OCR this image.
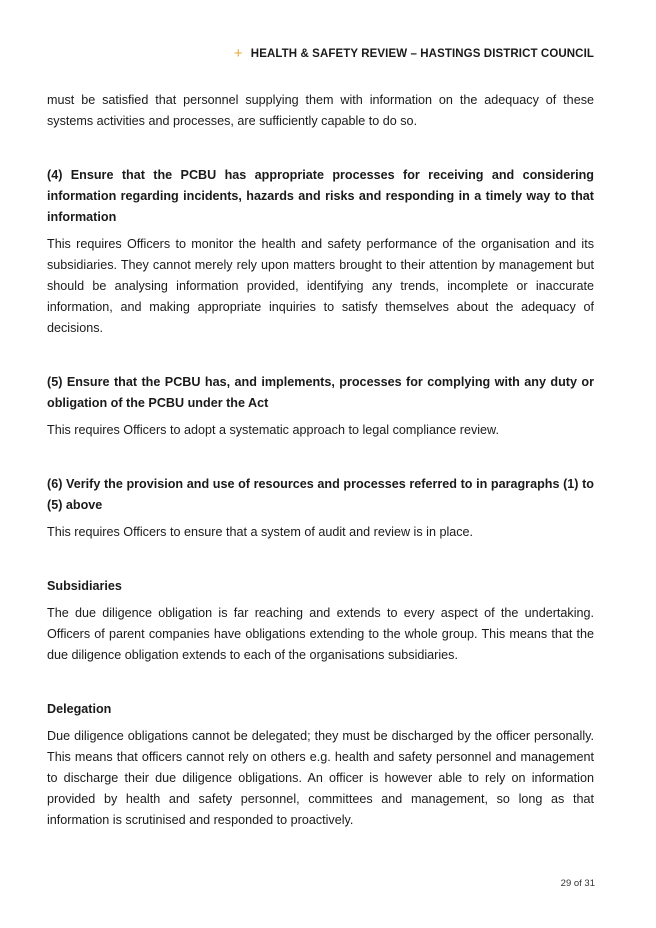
+ HEALTH & SAFETY REVIEW – HASTINGS DISTRICT COUNCIL

must be satisfied that personnel supplying them with information on the adequacy of these systems activities and processes, are sufficiently capable to do so.

(4) Ensure that the PCBU has appropriate processes for receiving and considering information regarding incidents, hazards and risks and responding in a timely way to that information

This requires Officers to monitor the health and safety performance of the organisation and its subsidiaries. They cannot merely rely upon matters brought to their attention by management but should be analysing information provided, identifying any trends, incomplete or inaccurate information, and making appropriate inquiries to satisfy themselves about the adequacy of decisions.

(5) Ensure that the PCBU has, and implements, processes for complying with any duty or obligation of the PCBU under the Act

This requires Officers to adopt a systematic approach to legal compliance review.

(6) Verify the provision and use of resources and processes referred to in paragraphs (1) to (5) above

This requires Officers to ensure that a system of audit and review is in place.

Subsidiaries

The due diligence obligation is far reaching and extends to every aspect of the undertaking. Officers of parent companies have obligations extending to the whole group. This means that the due diligence obligation extends to each of the organisations subsidiaries.

Delegation

Due diligence obligations cannot be delegated; they must be discharged by the officer personally. This means that officers cannot rely on others e.g. health and safety personnel and management to discharge their due diligence obligations. An officer is however able to rely on information provided by health and safety personnel, committees and management, so long as that information is scrutinised and responded to proactively.

29 of 31
